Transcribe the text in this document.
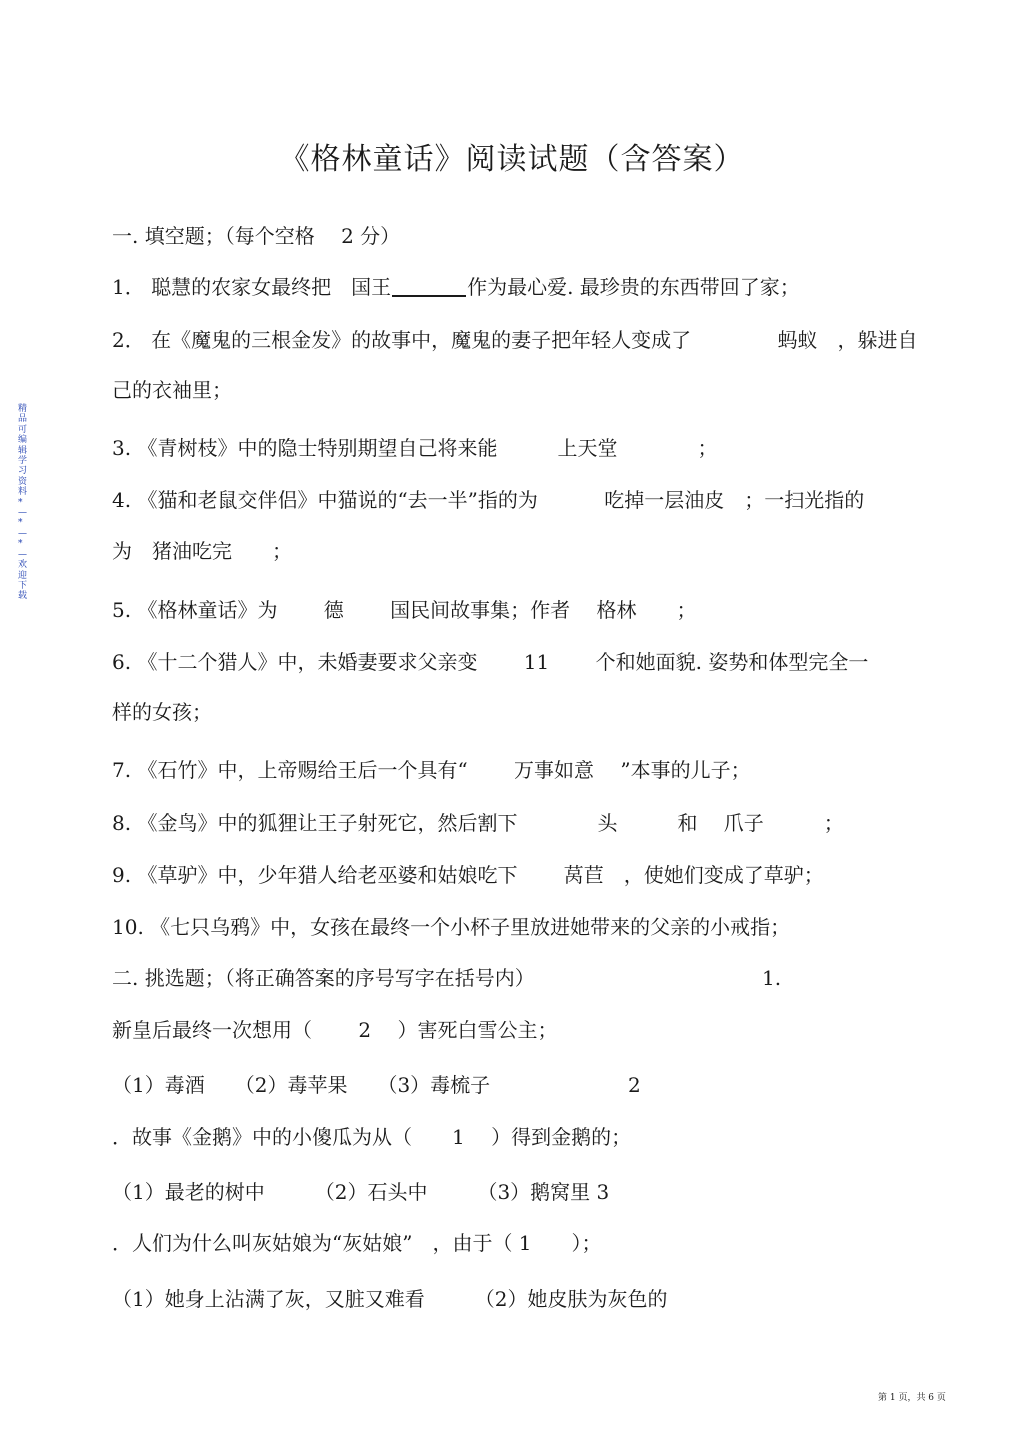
《格林童话》阅读试题（含答案）
精品可编辑学习资料*—*—*—欢迎下载
一. 填空题；（每个空格　 2 分）
1． 聪慧的农家女最终把　国王	作为最心爱. 最珍贵的东西带回了家；
2． 在《魔鬼的三根金发》的故事中，魔鬼的妻子把年轻人变成了　　　　 蚂蚁　，躲进自
己的衣袖里；
3. 《青树枝》中的隐士特别期望自己将来能　　　上天堂　　　　；
4. 《猫和老鼠交伴侣》中猫说的“去一半”指的为　　　 吃掉一层油皮　；一扫光指的
为　猪油吃完　　；
5. 《格林童话》为　　 德　　 国民间故事集；作者　 格林　　；
6. 《十二个猎人》中，未婚妻要求父亲变　　 11　　 个和她面貌. 姿势和体型完全一
样的女孩；
7. 《石竹》中，上帝赐给王后一个具有“　　 万事如意　 ”本事的儿子；
8. 《金鸟》中的狐狸让王子射死它，然后割下　　　　头　　　和　 爪子　　　；
9. 《草驴》中，少年猎人给老巫婆和姑娘吃下　　 莴苣　，使她们变成了草驴；
10. 《七只乌鸦》中，女孩在最终一个小杯子里放进她带来的父亲的小戒指；
二. 挑选题；（将正确答案的序号写字在括号内）	1.
新皇后最终一次想用（　　 2　 ）害死白雪公主；
（1）毒酒　　（2）毒苹果　　（3）毒梳子	2
．故事《金鹅》中的小傻瓜为从（　　1　 ）得到金鹅的；
（1）最老的树中　　　（2）石头中　　　（3）鹅窝里 3
．人们为什么叫灰姑娘为“灰姑娘”　，由于（ 1　　）；
（1）她身上沾满了灰，又脏又难看　　　（2）她皮肤为灰色的
第 1 页，共 6 页
